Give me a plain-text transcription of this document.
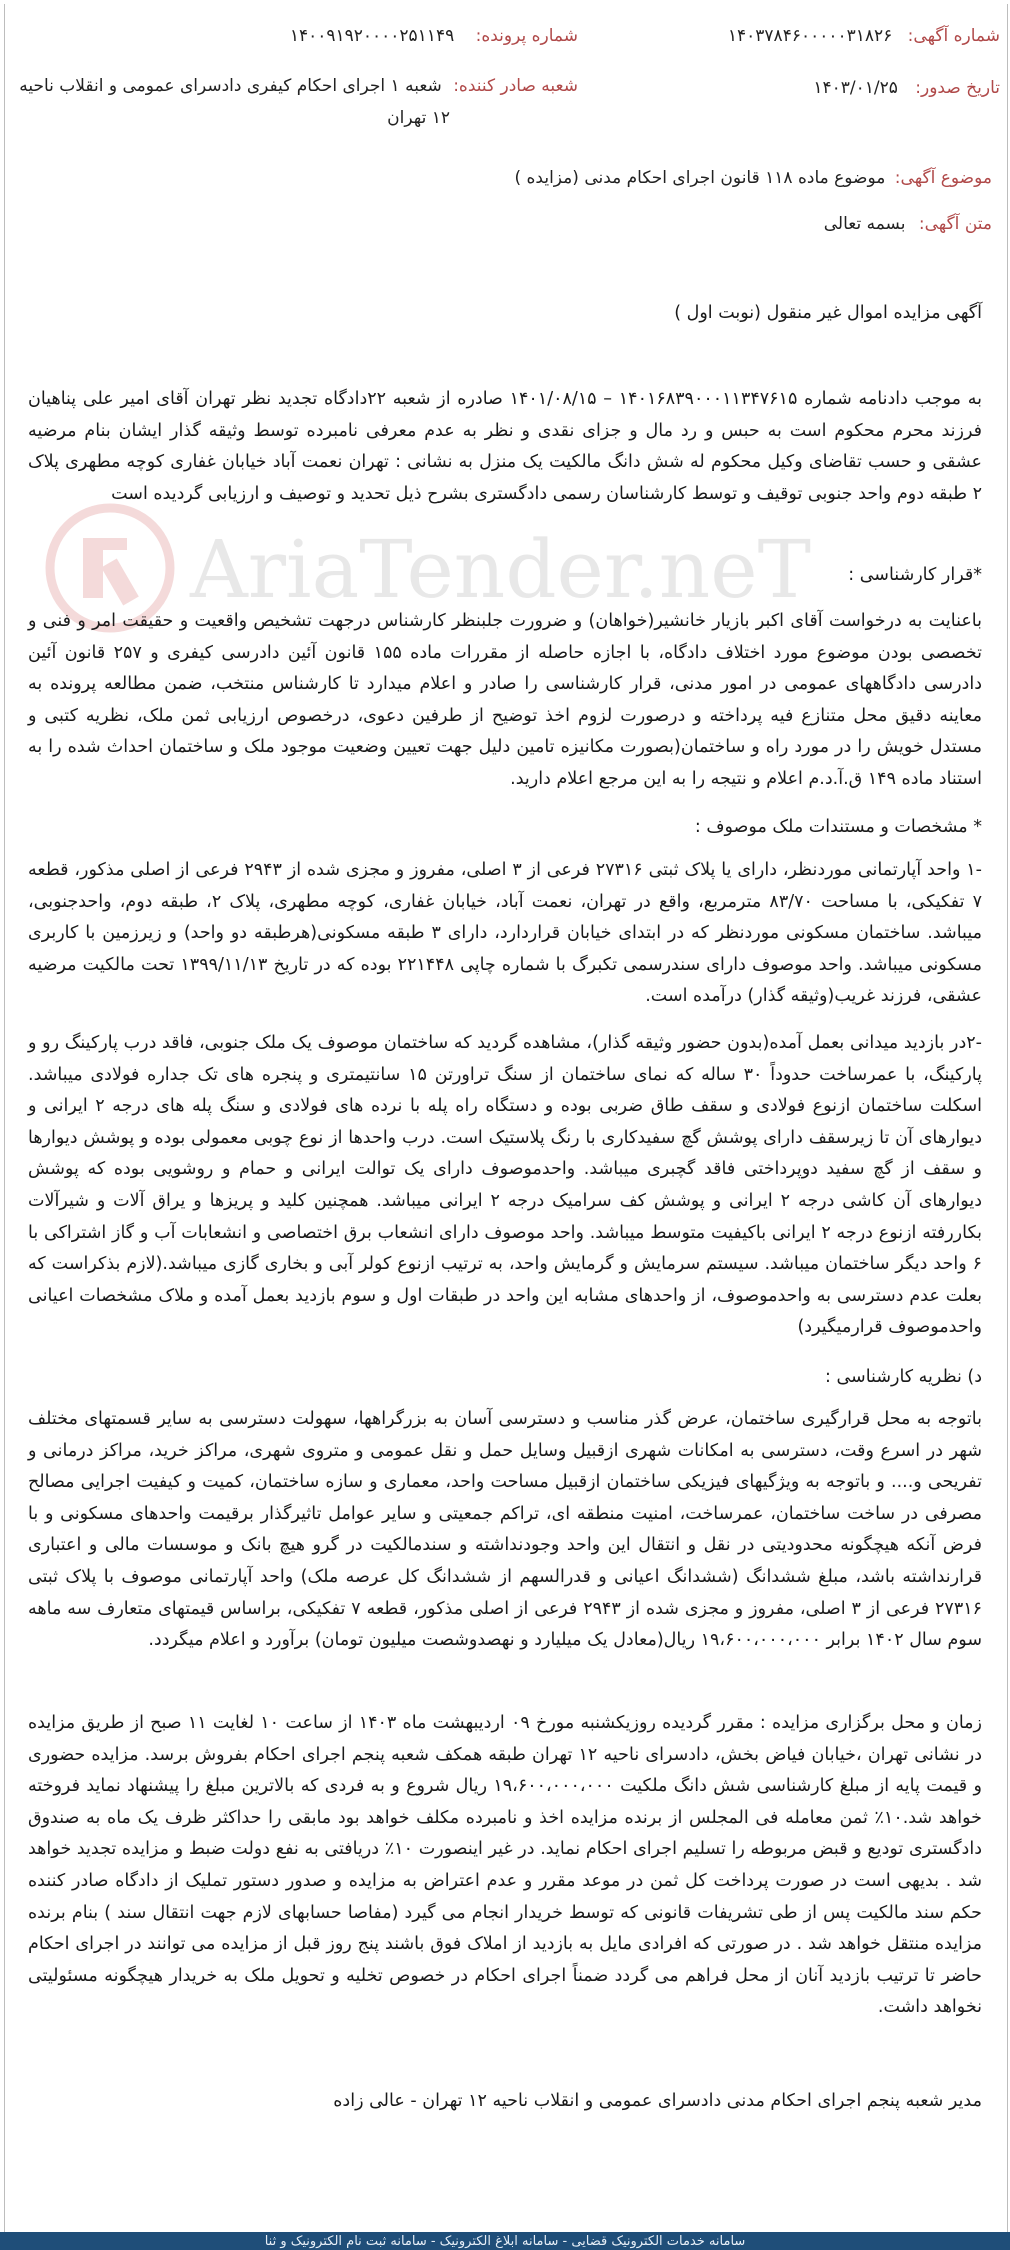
شماره آگهی: ۱۴۰۳۷۸۴۶۰۰۰۰۰۳۱۸۲۶
شماره پرونده: ۱۴۰۰۹۱۹۲۰۰۰۰۲۵۱۱۴۹
تاریخ صدور: ۱۴۰۳/۰۱/۲۵
شعبه صادر کننده: شعبه ۱ اجرای احکام کیفری دادسرای عمومی و انقلاب ناحیه
۱۲ تهران
موضوع آگهی: موضوع ماده ۱۱۸ قانون اجرای احکام مدنی (مزایده )
متن آگهی: بسمه تعالی
آگهی مزایده اموال غیر منقول (نوبت اول )
AriaTender.neT
به موجب دادنامه شماره ۱۴۰۱۶۸۳۹۰۰۰۱۱۳۴۷۶۱۵ – ۱۴۰۱/۰۸/۱۵ صادره از شعبه ۲۲دادگاه تجدید نظر تهران آقای امیر علی پناهیان فرزند محرم محکوم است به حبس و رد مال و جزای نقدی و نظر به عدم معرفی نامبرده توسط وثیقه گذار ایشان بنام مرضیه عشقی و حسب تقاضای وکیل محکوم له شش دانگ مالکیت یک منزل به نشانی : تهران نعمت آباد خیابان غفاری کوچه مطهری پلاک ۲ طبقه دوم واحد جنوبی توقیف و توسط کارشناسان رسمی دادگستری بشرح ذیل تحدید و توصیف و ارزیابی گردیده است
*قرار کارشناسی :
باعنایت به درخواست آقای اکبر بازیار خانشیر(خواهان) و ضرورت جلبنظر کارشناس درجهت تشخیص واقعیت و حقیقت امر و فنی و تخصصی بودن موضوع مورد اختلاف دادگاه، با اجازه حاصله از مقررات ماده ۱۵۵ قانون آئین دادرسی کیفری و ۲۵۷ قانون آئین دادرسی دادگاههای عمومی در امور مدنی، قرار کارشناسی را صادر و اعلام میدارد تا کارشناس منتخب، ضمن مطالعه پرونده به معاینه دقیق محل متنازع فیه پرداخته و درصورت لزوم اخذ توضیح از طرفین دعوی، درخصوص ارزیابی ثمن ملک، نظریه کتبی و مستدل خویش را در مورد راه و ساختمان(بصورت مکانیزه تامین دلیل جهت تعیین وضعیت موجود ملک و ساختمان احداث شده را به استناد ماده ۱۴۹ ق.آ.د.م اعلام و نتیجه را به این مرجع اعلام دارید.
* مشخصات و مستندات ملک موصوف :
-۱ واحد آپارتمانی موردنظر، دارای یا پلاک ثبتی ۲۷۳۱۶ فرعی از ۳ اصلی، مفروز و مجزی شده از ۲۹۴۳ فرعی از اصلی مذکور، قطعه ۷ تفکیکی، با مساحت ۸۳/۷۰ مترمربع، واقع در تهران، نعمت آباد، خیابان غفاری، کوچه مطهری، پلاک ۲، طبقه دوم، واحدجنوبی، میباشد. ساختمان مسکونی موردنظر که در ابتدای خیابان قراردارد، دارای ۳ طبقه مسکونی(هرطبقه دو واحد) و زیرزمین با کاربری مسکونی میباشد. واحد موصوف دارای سندرسمی تکبرگ با شماره چاپی ۲۲۱۴۴۸ بوده که در تاریخ ۱۳۹۹/۱۱/۱۳ تحت مالکیت مرضیه عشقی، فرزند غریب(وثیقه گذار) درآمده است.
-۲در بازدید میدانی بعمل آمده(بدون حضور وثیقه گذار)، مشاهده گردید که ساختمان موصوف یک ملک جنوبی، فاقد درب پارکینگ رو و پارکینگ، با عمرساخت حدوداً ۳۰ ساله که نمای ساختمان از سنگ تراورتن ۱۵ سانتیمتری و پنجره های تک جداره فولادی میباشد. اسکلت ساختمان ازنوع فولادی و سقف طاق ضربی بوده و دستگاه راه پله با نرده های فولادی و سنگ پله های درجه ۲ ایرانی و دیوارهای آن تا زیرسقف دارای پوشش گچ سفیدکاری با رنگ پلاستیک است. درب واحدها از نوع چوبی معمولی بوده و پوشش دیوارها و سقف از گچ سفید دوپرداختی فاقد گچبری میباشد. واحدموصوف دارای یک توالت ایرانی و حمام و روشویی بوده که پوشش دیوارهای آن کاشی درجه ۲ ایرانی و پوشش کف سرامیک درجه ۲ ایرانی میباشد. همچنین کلید و پریزها و یراق آلات و شیرآلات بکاررفته ازنوع درجه ۲ ایرانی باکیفیت متوسط میباشد. واحد موصوف دارای انشعاب برق اختصاصی و انشعابات آب و گاز اشتراکی با ۶ واحد دیگر ساختمان میباشد. سیستم سرمایش و گرمایش واحد، به ترتیب ازنوع کولر آبی و بخاری گازی میباشد.(لازم بذکراست که بعلت عدم دسترسی به واحدموصوف، از واحدهای مشابه این واحد در طبقات اول و سوم بازدید بعمل آمده و ملاک مشخصات اعیانی واحدموصوف قرارمیگیرد)
د) نظریه کارشناسی :
باتوجه به محل قرارگیری ساختمان، عرض گذر مناسب و دسترسی آسان به بزرگراهها، سهولت دسترسی به سایر قسمتهای مختلف شهر در اسرع وقت، دسترسی به امکانات شهری ازقبیل وسایل حمل و نقل عمومی و متروی شهری، مراکز خرید، مراکز درمانی و تفریحی و.... و باتوجه به ویژگیهای فیزیکی ساختمان ازقبیل مساحت واحد، معماری و سازه ساختمان، کمیت و کیفیت اجرایی مصالح مصرفی در ساخت ساختمان، عمرساخت، امنیت منطقه ای، تراکم جمعیتی و سایر عوامل تاثیرگذار برقیمت واحدهای مسکونی و با فرض آنکه هیچگونه محدودیتی در نقل و انتقال این واحد وجودنداشته و سندمالکیت در گرو هیچ بانک و موسسات مالی و اعتباری قرارنداشته باشد، مبلغ ششدانگ (ششدانگ اعیانی و قدرالسهم از ششدانگ کل عرصه ملک) واحد آپارتمانی موصوف با پلاک ثبتی ۲۷۳۱۶ فرعی از ۳ اصلی، مفروز و مجزی شده از ۲۹۴۳ فرعی از اصلی مذکور، قطعه ۷ تفکیکی، براساس قیمتهای متعارف سه ماهه سوم سال ۱۴۰۲ برابر ۱۹،۶۰۰،۰۰۰،۰۰۰ ریال(معادل یک میلیارد و نهصدوشصت میلیون تومان) برآورد و اعلام میگردد.
زمان و محل برگزاری مزایده : مقرر گردیده روزیکشنبه مورخ ۰۹ اردیبهشت ماه ۱۴۰۳ از ساعت ۱۰ لغایت ۱۱ صبح از طریق مزایده در نشانی تهران ،خیابان فیاض بخش، دادسرای ناحیه ۱۲ تهران طبقه همکف شعبه پنجم اجرای احکام بفروش برسد. مزایده حضوری و قیمت پایه از مبلغ کارشناسی شش دانگ ملکیت ۱۹،۶۰۰،۰۰۰،۰۰۰ ریال شروع و به فردی که بالاترین مبلغ را پیشنهاد نماید فروخته خواهد شد.۱۰٪ ثمن معامله فی المجلس از برنده مزایده اخذ و نامبرده مکلف خواهد بود مابقی را حداکثر ظرف یک ماه به صندوق دادگستری تودیع و قبض مربوطه را تسلیم اجرای احکام نماید. در غیر اینصورت ۱۰٪ دریافتی به نفع دولت ضبط و مزایده تجدید خواهد شد . بدیهی است در صورت پرداخت کل ثمن در موعد مقرر و عدم اعتراض به مزایده و صدور دستور تملیک از دادگاه صادر کننده حکم سند مالکیت پس از طی تشریفات قانونی که توسط خریدار انجام می گیرد (مفاصا حسابهای لازم جهت انتقال سند ) بنام برنده مزایده منتقل خواهد شد . در صورتی که افرادی مایل به بازدید از املاک فوق باشند پنج روز قبل از مزایده می توانند در اجرای احکام حاضر تا ترتیب بازدید آنان از محل فراهم می گردد ضمناً اجرای احکام در خصوص تخلیه و تحویل ملک به خریدار هیچگونه مسئولیتی نخواهد داشت.
مدیر شعبه پنجم اجرای احکام مدنی دادسرای عمومی و انقلاب ناحیه ۱۲ تهران - عالی زاده
سامانه خدمات الکترونیک قضایی - سامانه ابلاغ الکترونیک - سامانه ثبت نام الکترونیک و ثنا
